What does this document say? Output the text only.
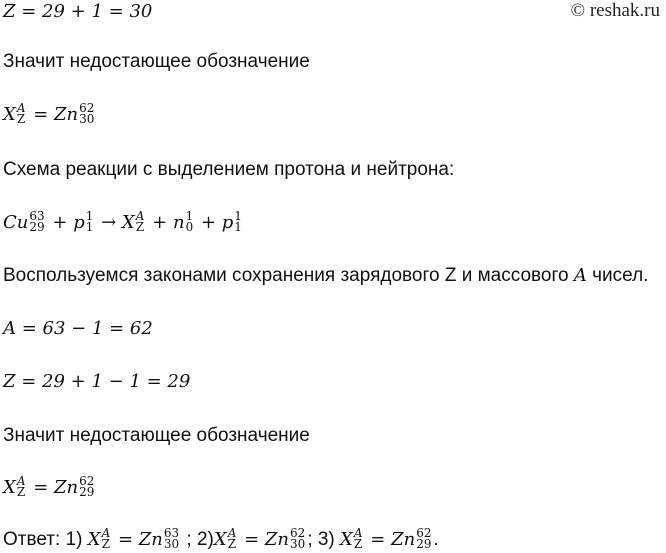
© reshak.ru
Z = 29 + 1 = 30
Значит недостающее обозначение
X A
Z = Zn 62
30
Схема реакции с выделением протона и нейтрона:
Cu 63
29 + p 1
1 → X A
Z + n 1
0 + p 1
1
Воспользуемся законами сохранения зарядового Z и массового A чисел.
A = 63 − 1 = 62
Z = 29 + 1 − 1 = 29
Значит недостающее обозначение
X A
Z = Zn 62
29
Ответ: 1) X A
Z = Zn 63
30 ; 2)X A
Z = Zn 62
30 ; 3) X A
Z = Zn 62
29 .
